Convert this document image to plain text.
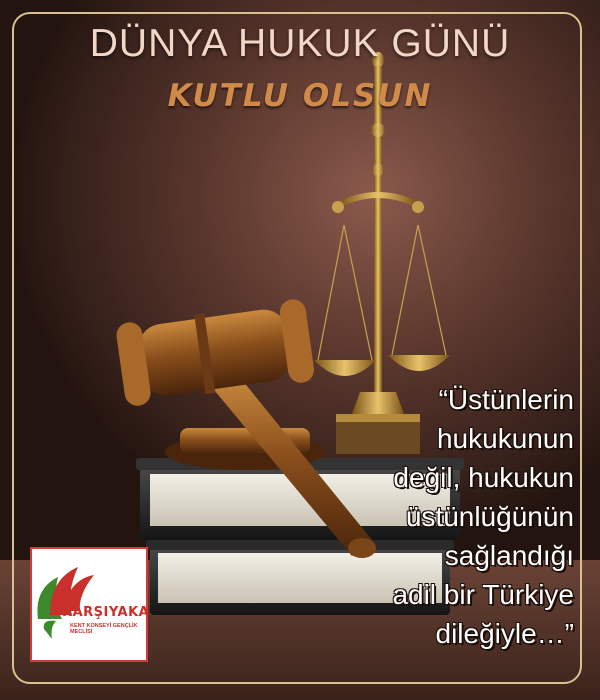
DÜNYA HUKUK GÜNÜ
KUTLU OLSUN
“Üstünlerin
hukukunun
değil, hukukun
üstünlüğünün
sağlandığı
adil bir Türkiye
dileğiyle…”
KARŞIYAKA
KENT KONSEYİ GENÇLİK MECLİSİ
